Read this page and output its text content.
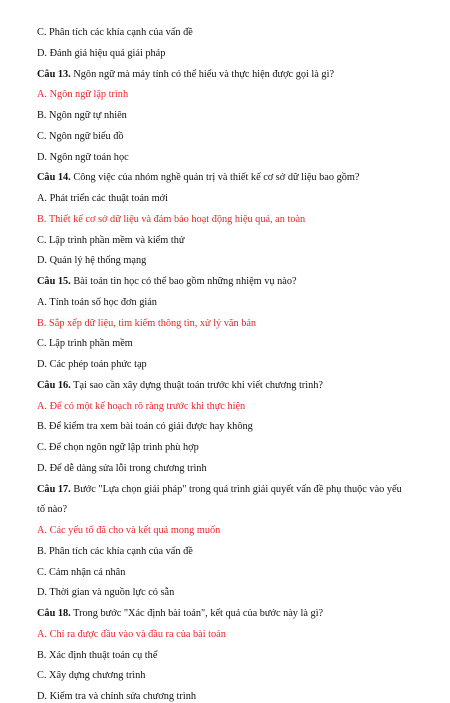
C. Phân tích các khía cạnh của vấn đề
D. Đánh giá hiệu quả giải pháp
Câu 13. Ngôn ngữ mà máy tính có thể hiểu và thực hiện được gọi là gì?
A. Ngôn ngữ lập trình
B. Ngôn ngữ tự nhiên
C. Ngôn ngữ biểu đồ
D. Ngôn ngữ toán học
Câu 14. Công việc của nhóm nghề quản trị và thiết kế cơ sở dữ liệu bao gồm?
A. Phát triển các thuật toán mới
B. Thiết kế cơ sở dữ liệu và đảm bảo hoạt động hiệu quả, an toàn
C. Lập trình phần mềm và kiểm thử
D. Quản lý hệ thống mạng
Câu 15. Bài toán tin học có thể bao gồm những nhiệm vụ nào?
A. Tính toán số học đơn giản
B. Sắp xếp dữ liệu, tìm kiếm thông tin, xử lý văn bản
C. Lập trình phần mềm
D. Các phép toán phức tạp
Câu 16. Tại sao cần xây dựng thuật toán trước khi viết chương trình?
A. Để có một kế hoạch rõ ràng trước khi thực hiện
B. Để kiểm tra xem bài toán có giải được hay không
C. Để chọn ngôn ngữ lập trình phù hợp
D. Để dễ dàng sửa lỗi trong chương trình
Câu 17. Bước "Lựa chọn giải pháp" trong quá trình giải quyết vấn đề phụ thuộc vào yếu
tố nào?
A. Các yếu tố đã cho và kết quả mong muốn
B. Phân tích các khía cạnh của vấn đề
C. Cảm nhận cá nhân
D. Thời gian và nguồn lực có sẵn
Câu 18. Trong bước "Xác định bài toán", kết quả của bước này là gì?
A. Chỉ ra được đầu vào và đầu ra của bài toán
B. Xác định thuật toán cụ thể
C. Xây dựng chương trình
D. Kiểm tra và chỉnh sửa chương trình
